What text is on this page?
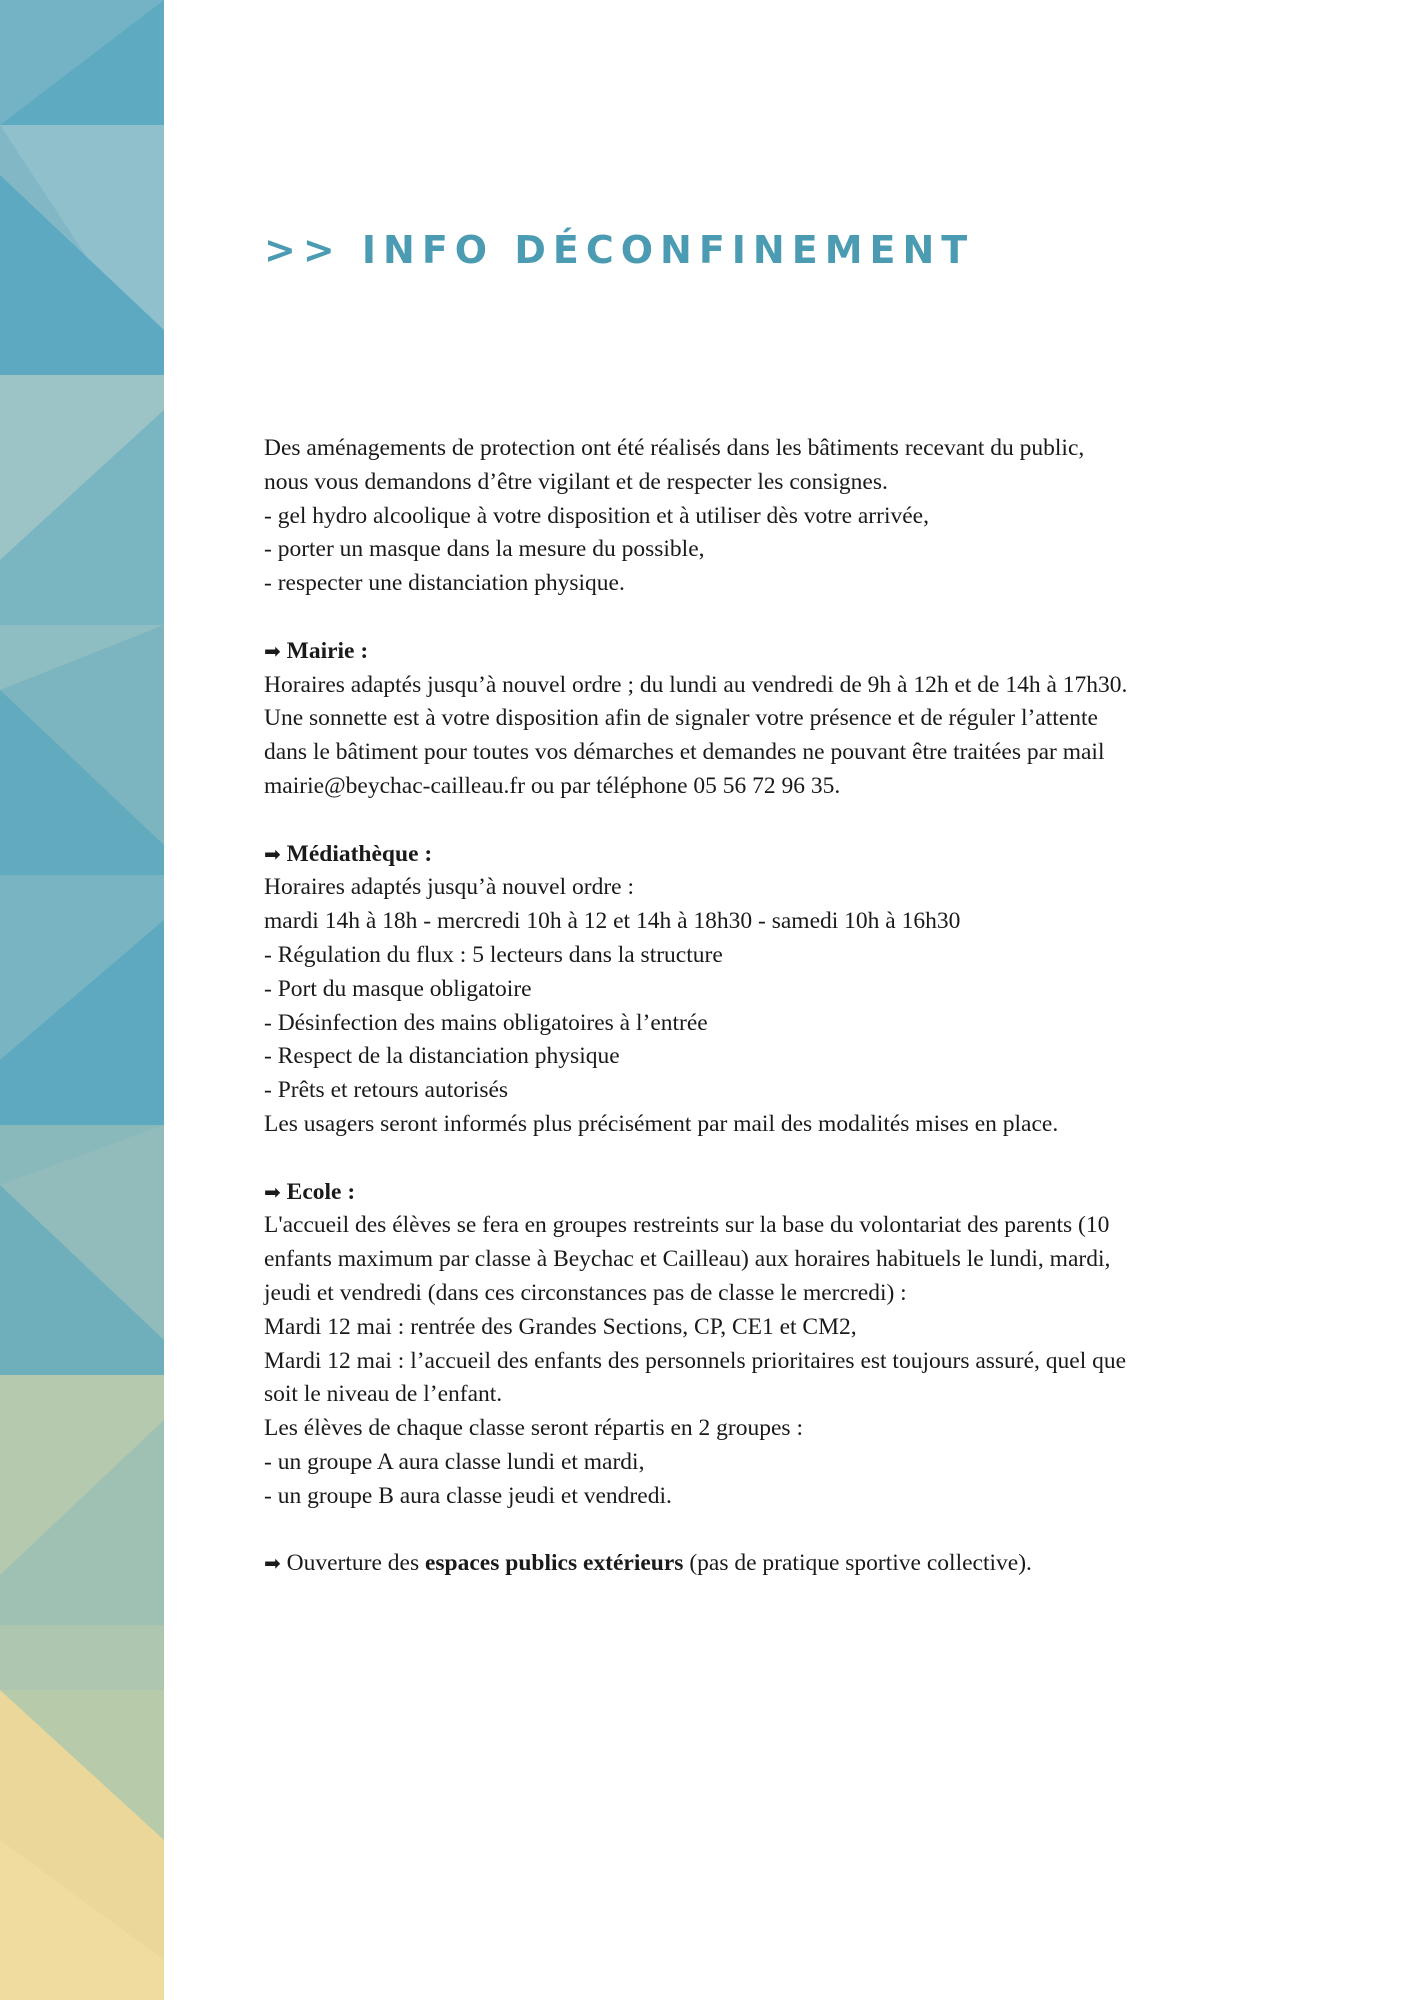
>> INFO DÉCONFINEMENT
Des aménagements de protection ont été réalisés dans les bâtiments recevant du public,
nous vous demandons d’être vigilant et de respecter les consignes.
- gel hydro alcoolique à votre disposition et à utiliser dès votre arrivée,
- porter un masque dans la mesure du possible,
- respecter une distanciation physique.
➡ Mairie :
Horaires adaptés jusqu’à nouvel ordre ; du lundi au vendredi de 9h à 12h et de 14h à 17h30.
Une sonnette est à votre disposition afin de signaler votre présence et de réguler l’attente
dans le bâtiment pour toutes vos démarches et demandes ne pouvant être traitées par mail
mairie@beychac-cailleau.fr ou par téléphone 05 56 72 96 35.
➡ Médiathèque :
Horaires adaptés jusqu’à nouvel ordre :
mardi 14h à 18h - mercredi 10h à 12 et 14h à 18h30 - samedi 10h à 16h30
- Régulation du flux : 5 lecteurs dans la structure
- Port du masque obligatoire
- Désinfection des mains obligatoires à l’entrée
- Respect de la distanciation physique
- Prêts et retours autorisés
Les usagers seront informés plus précisément par mail des modalités mises en place.
➡ Ecole :
L'accueil des élèves se fera en groupes restreints sur la base du volontariat des parents (10
enfants maximum par classe à Beychac et Cailleau) aux horaires habituels le lundi, mardi,
jeudi et vendredi (dans ces circonstances pas de classe le mercredi) :
Mardi 12 mai : rentrée des Grandes Sections, CP, CE1 et CM2,
Mardi 12 mai : l’accueil des enfants des personnels prioritaires est toujours assuré, quel que
soit le niveau de l’enfant.
Les élèves de chaque classe seront répartis en 2 groupes :
- un groupe A aura classe lundi et mardi,
- un groupe B aura classe jeudi et vendredi.
➡ Ouverture des espaces publics extérieurs (pas de pratique sportive collective).
